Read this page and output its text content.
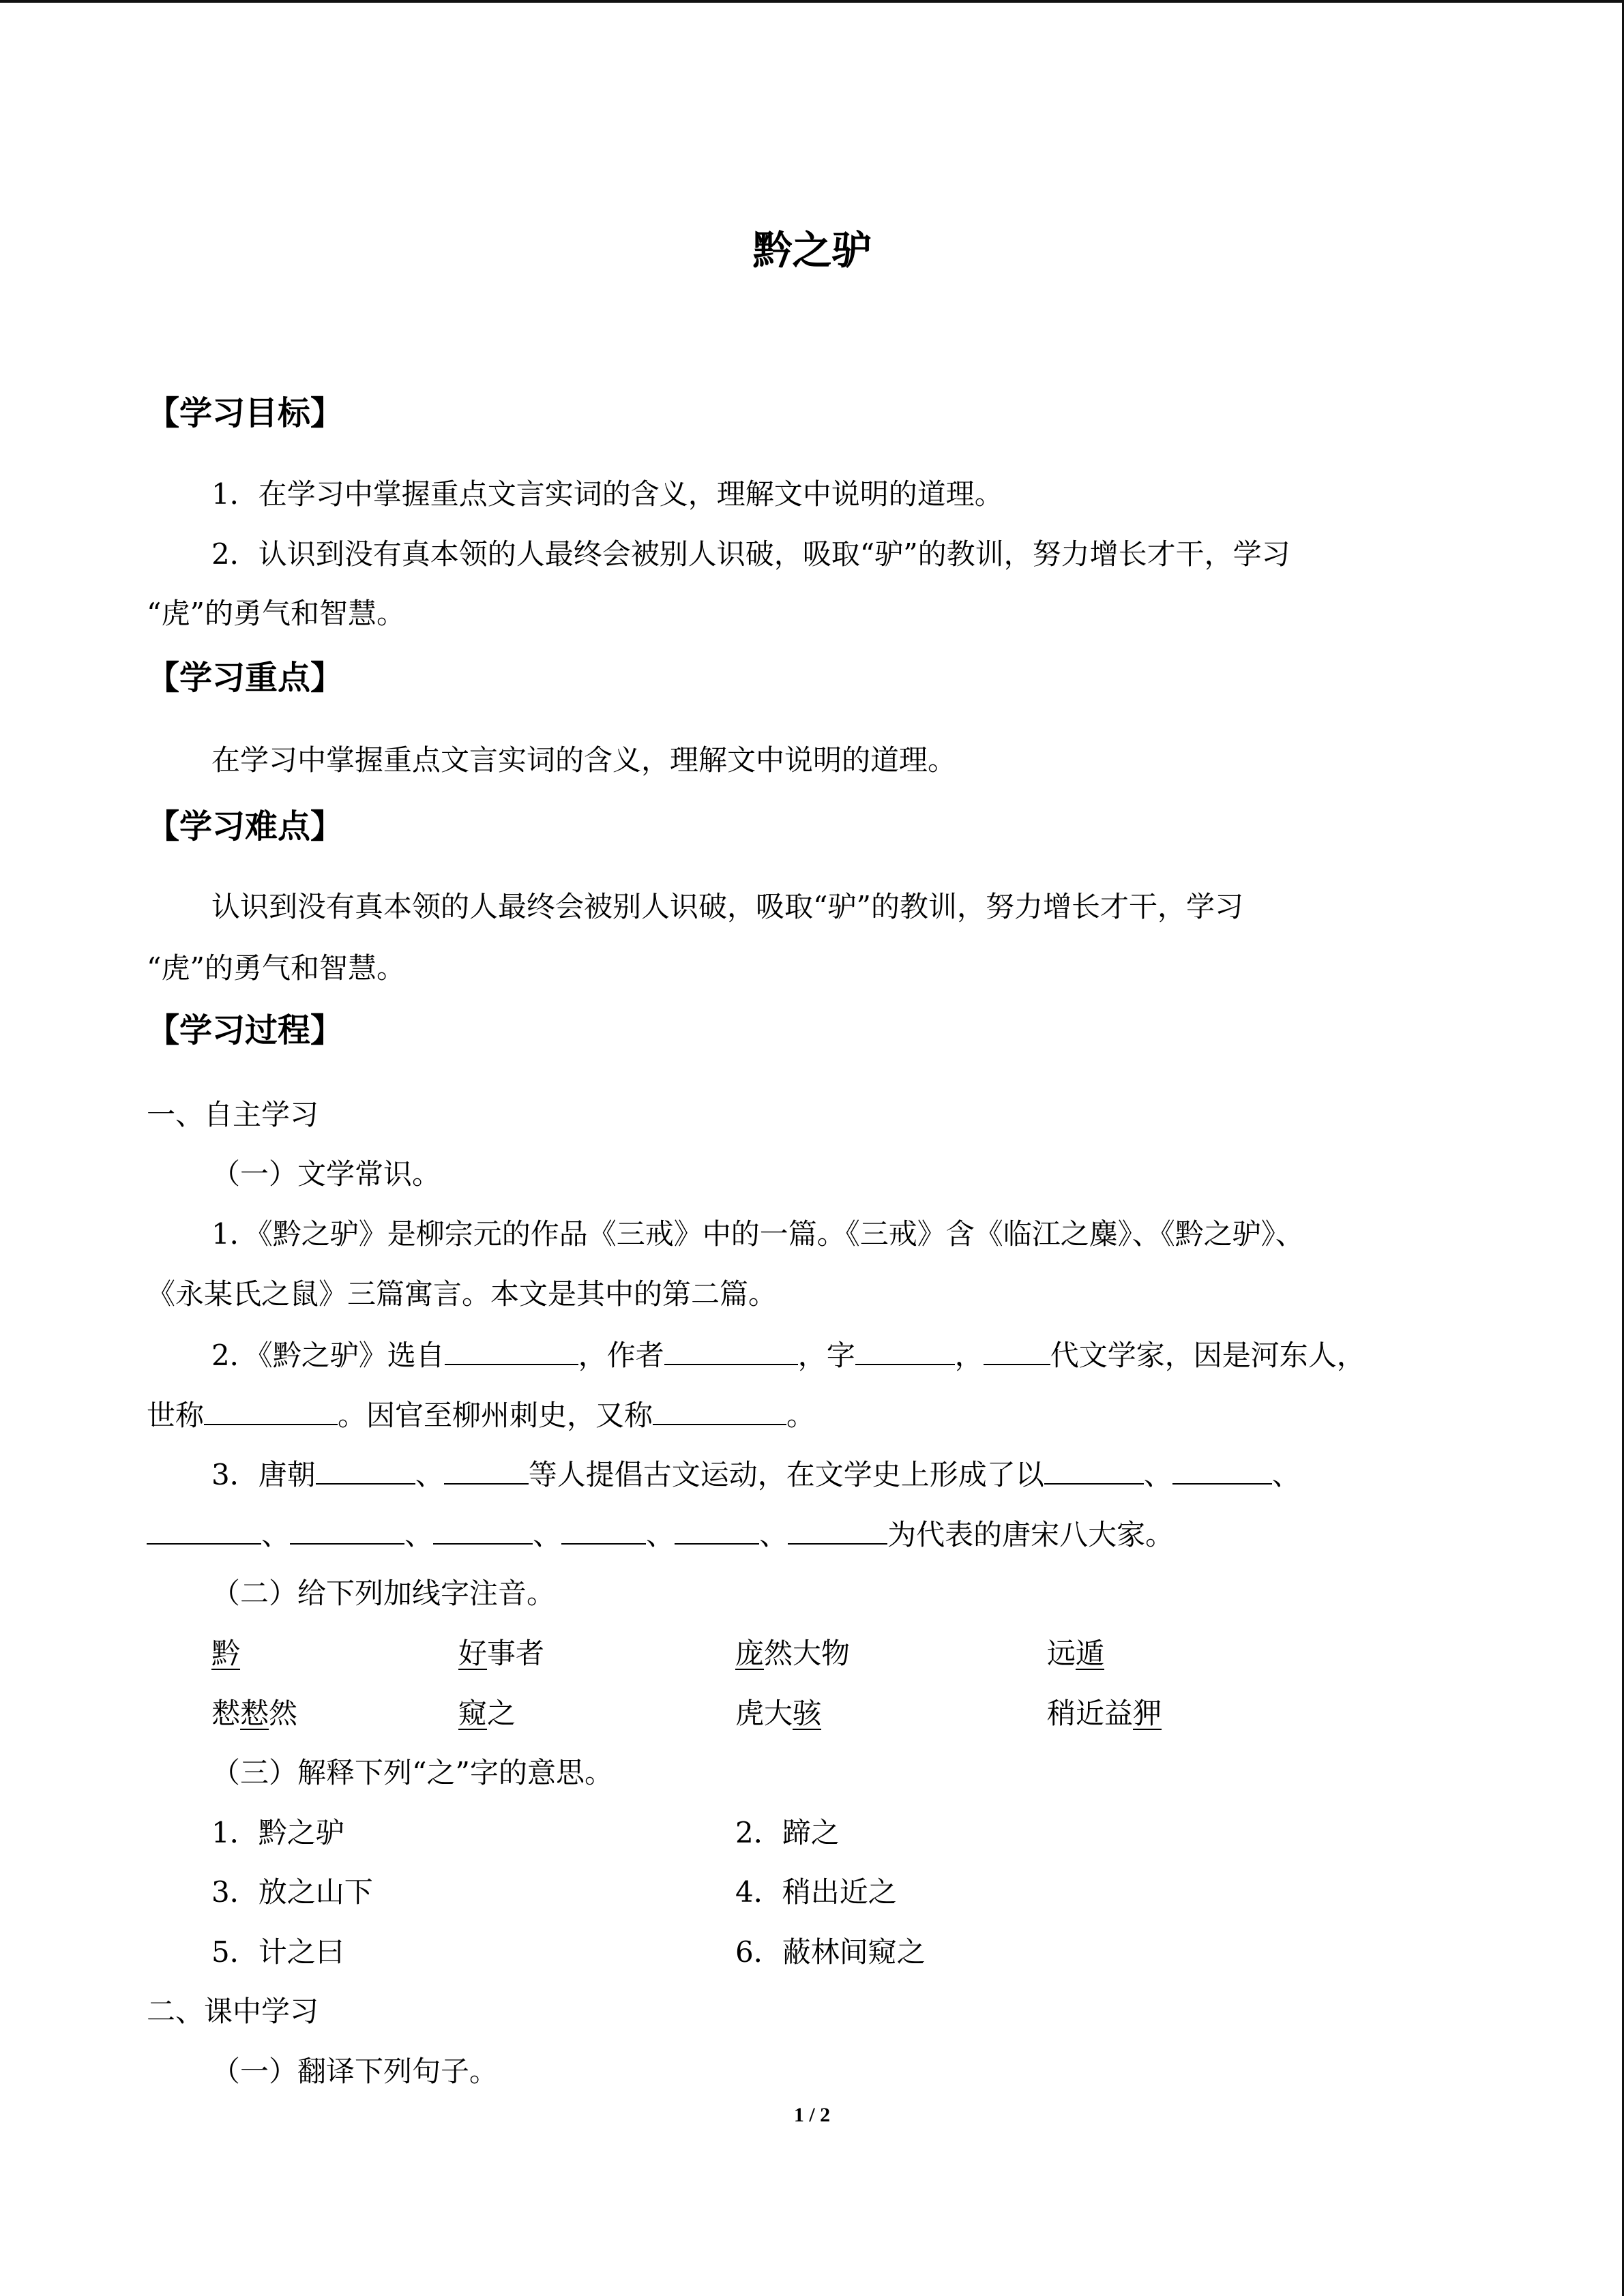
黔之驴
【学习目标】
1．在学习中掌握重点文言实词的含义，理解文中说明的道理。
2．认识到没有真本领的人最终会被别人识破，吸取“驴”的教训，努力增长才干，学习
“虎”的勇气和智慧。
【学习重点】
在学习中掌握重点文言实词的含义，理解文中说明的道理。
【学习难点】
认识到没有真本领的人最终会被别人识破，吸取“驴”的教训，努力增长才干，学习
“虎”的勇气和智慧。
【学习过程】
一、自主学习
（一）文学常识。
1．《黔之驴》是柳宗元的作品《三戒》中的一篇。《三戒》含《临江之麋》、《黔之驴》、
《永某氏之鼠》三篇寓言。本文是其中的第二篇。
2．《黔之驴》选自	，作者	，字	， 代文学家，因是河东人，
世称	。因官至柳州刺史，又称	。
3．唐朝	、	等人提倡古文运动，在文学史上形成了以	、	、
、	、	、	、	、	为代表的唐宋八大家。
（二）给下列加线字注音。
黔	好事者	庞然大物	远遁
慭慭然	窥之	虎大骇	稍近益狎
（三）解释下列“之”字的意思。
1．黔之驴	2．蹄之
3．放之山下	4．稍出近之
5．计之曰	6．蔽林间窥之
二、课中学习
（一）翻译下列句子。
1 / 2
